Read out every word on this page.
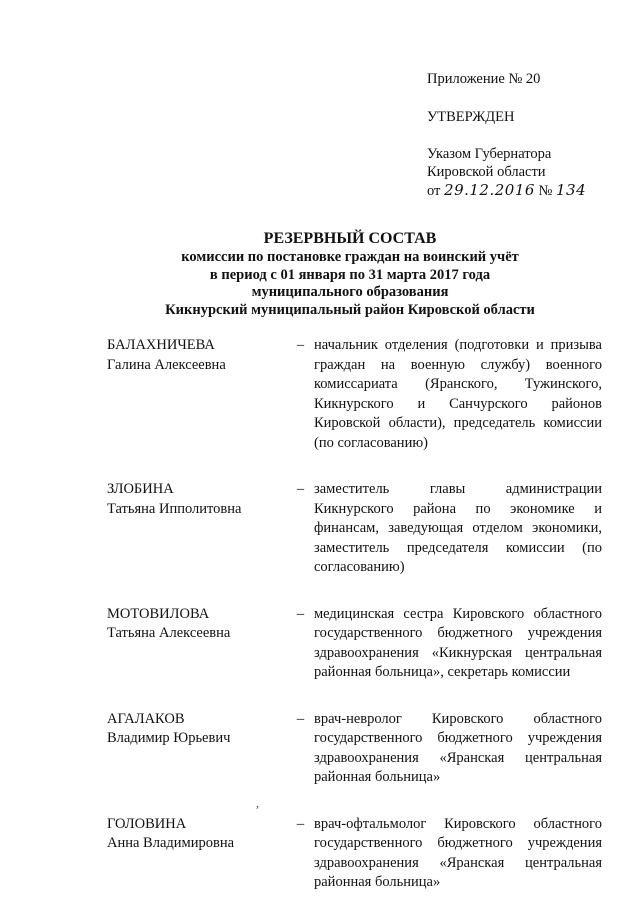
Приложение № 20
УТВЕРЖДЕН
Указом Губернатора
Кировской области
от 29.12.2016 № 134
РЕЗЕРВНЫЙ СОСТАВ
комиссии по постановке граждан на воинский учёт
в период с 01 января по 31 марта 2017 года
муниципального образования
Кикнурский муниципальный район Кировской области
БАЛАХНИЧЕВА
Галина Алексеевна
– начальник отделения (подготовки и призыва граждан на военную службу) военного комиссариата (Яранского, Тужинского, Кикнурского и Санчурского районов Кировской области), председатель комиссии (по согласованию)
ЗЛОБИНА
Татьяна Ипполитовна
– заместитель главы администрации Кикнурского района по экономике и финансам, заведующая отделом экономики, заместитель председателя комиссии (по согласованию)
МОТОВИЛОВА
Татьяна Алексеевна
– медицинская сестра Кировского областного государственного бюджетного учреждения здравоохранения «Кикнурская центральная районная больница», секретарь комиссии
АГАЛАКОВ
Владимир Юрьевич
– врач-невролог Кировского областного государственного бюджетного учреждения здравоохранения «Яранская центральная районная больница»
ГОЛОВИНА
Анна Владимировна
– врач-офтальмолог Кировского областного государственного бюджетного учреждения здравоохранения «Яранская центральная районная больница»
,
